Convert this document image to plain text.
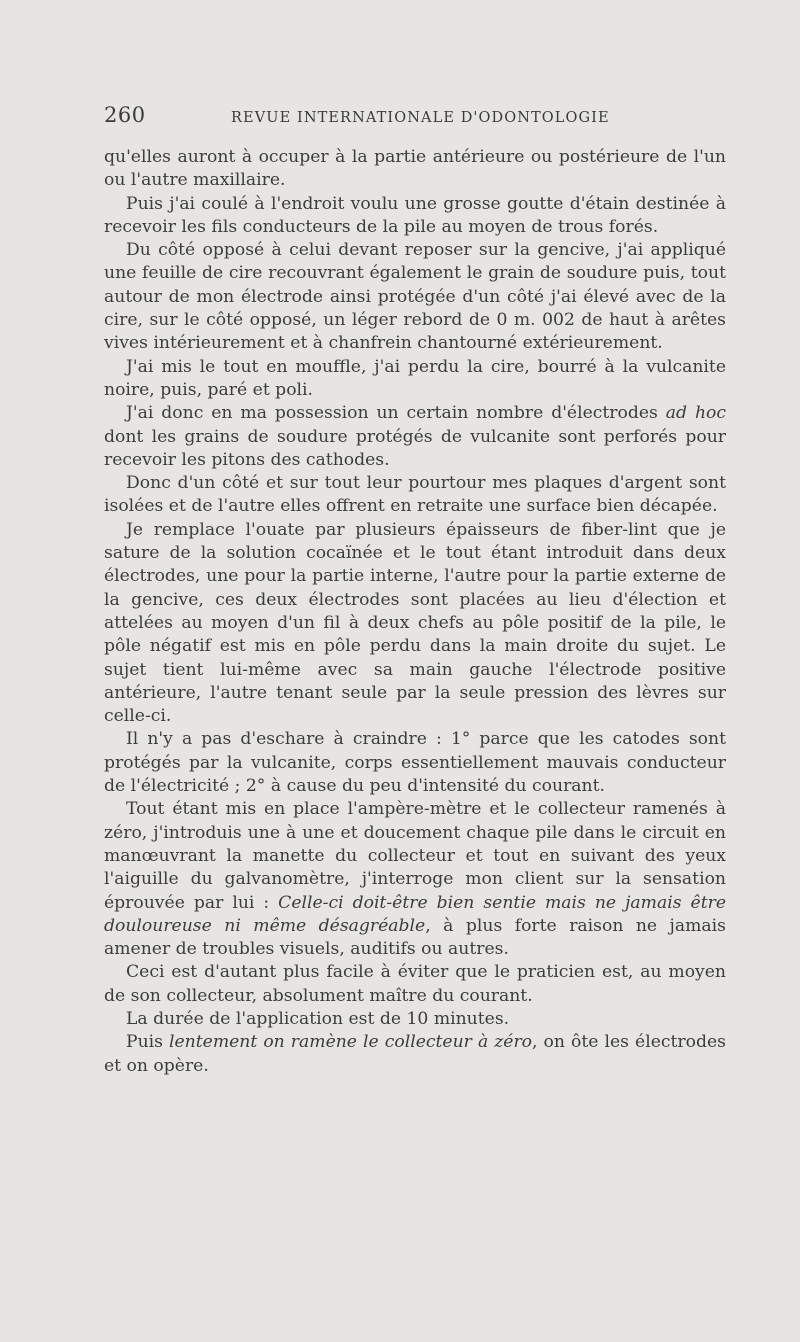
260	REVUE INTERNATIONALE D'ODONTOLOGIE

qu'elles auront à occuper à la partie antérieure ou postérieure de l'un ou l'autre maxillaire.

Puis j'ai coulé à l'endroit voulu une grosse goutte d'étain destinée à recevoir les fils conducteurs de la pile au moyen de trous forés.

Du côté opposé à celui devant reposer sur la gencive, j'ai appliqué une feuille de cire recouvrant également le grain de soudure puis, tout autour de mon électrode ainsi protégée d'un côté j'ai élevé avec de la cire, sur le côté opposé, un léger rebord de 0 m. 002 de haut à arêtes vives intérieurement et à chanfrein chantourné extérieurement.

J'ai mis le tout en mouffle, j'ai perdu la cire, bourré à la vulcanite noire, puis, paré et poli.

J'ai donc en ma possession un certain nombre d'électrodes ad hoc dont les grains de soudure protégés de vulcanite sont perforés pour recevoir les pitons des cathodes.

Donc d'un côté et sur tout leur pourtour mes plaques d'argent sont isolées et de l'autre elles offrent en retraite une surface bien décapée.

Je remplace l'ouate par plusieurs épaisseurs de fiber-lint que je sature de la solution cocaïnée et le tout étant introduit dans deux électrodes, une pour la partie interne, l'autre pour la partie externe de la gencive, ces deux électrodes sont placées au lieu d'élection et attelées au moyen d'un fil à deux chefs au pôle positif de la pile, le pôle négatif est mis en pôle perdu dans la main droite du sujet. Le sujet tient lui-même avec sa main gauche l'électrode positive antérieure, l'autre tenant seule par la seule pression des lèvres sur celle-ci.

Il n'y a pas d'eschare à craindre : 1° parce que les catodes sont protégés par la vulcanite, corps essentiellement mauvais conducteur de l'électricité ; 2° à cause du peu d'intensité du courant.

Tout étant mis en place l'ampère-mètre et le collecteur ramenés à zéro, j'introduis une à une et doucement chaque pile dans le circuit en manœuvrant la manette du collecteur et tout en suivant des yeux l'aiguille du galvanomètre, j'interroge mon client sur la sensation éprouvée par lui : Celle-ci doit-être bien sentie mais ne jamais être douloureuse ni même désagréable, à plus forte raison ne jamais amener de troubles visuels, auditifs ou autres.

Ceci est d'autant plus facile à éviter que le praticien est, au moyen de son collecteur, absolument maître du courant.

La durée de l'application est de 10 minutes.

Puis lentement on ramène le collecteur à zéro, on ôte les électrodes et on opère.
